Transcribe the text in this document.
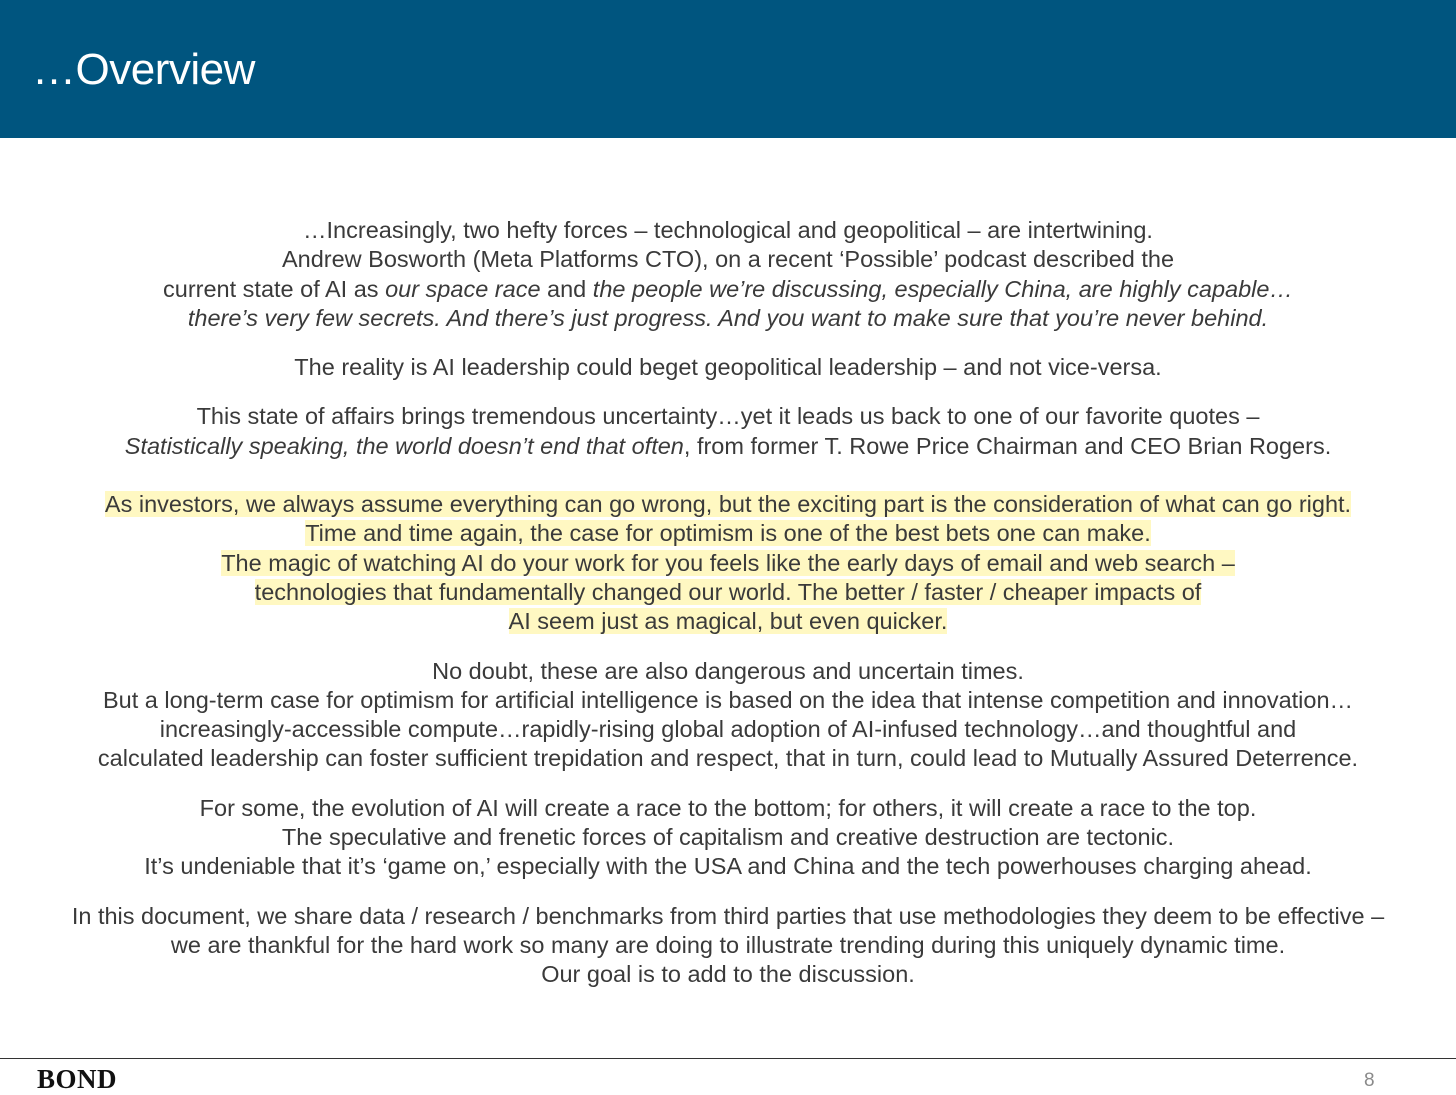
…Overview
…Increasingly, two hefty forces – technological and geopolitical – are intertwining.
Andrew Bosworth (Meta Platforms CTO), on a recent ‘Possible’ podcast described the
current state of AI as our space race and the people we’re discussing, especially China, are highly capable…
there’s very few secrets. And there’s just progress. And you want to make sure that you’re never behind.
The reality is AI leadership could beget geopolitical leadership – and not vice-versa.
This state of affairs brings tremendous uncertainty…yet it leads us back to one of our favorite quotes –
Statistically speaking, the world doesn’t end that often, from former T. Rowe Price Chairman and CEO Brian Rogers.
As investors, we always assume everything can go wrong, but the exciting part is the consideration of what can go right.
Time and time again, the case for optimism is one of the best bets one can make.
The magic of watching AI do your work for you feels like the early days of email and web search –
technologies that fundamentally changed our world. The better / faster / cheaper impacts of
AI seem just as magical, but even quicker.
No doubt, these are also dangerous and uncertain times.
But a long-term case for optimism for artificial intelligence is based on the idea that intense competition and innovation…
increasingly-accessible compute…rapidly-rising global adoption of AI-infused technology…and thoughtful and
calculated leadership can foster sufficient trepidation and respect, that in turn, could lead to Mutually Assured Deterrence.
For some, the evolution of AI will create a race to the bottom; for others, it will create a race to the top.
The speculative and frenetic forces of capitalism and creative destruction are tectonic.
It’s undeniable that it’s ‘game on,’ especially with the USA and China and the tech powerhouses charging ahead.
In this document, we share data / research / benchmarks from third parties that use methodologies they deem to be effective –
we are thankful for the hard work so many are doing to illustrate trending during this uniquely dynamic time.
Our goal is to add to the discussion.
BOND	8
